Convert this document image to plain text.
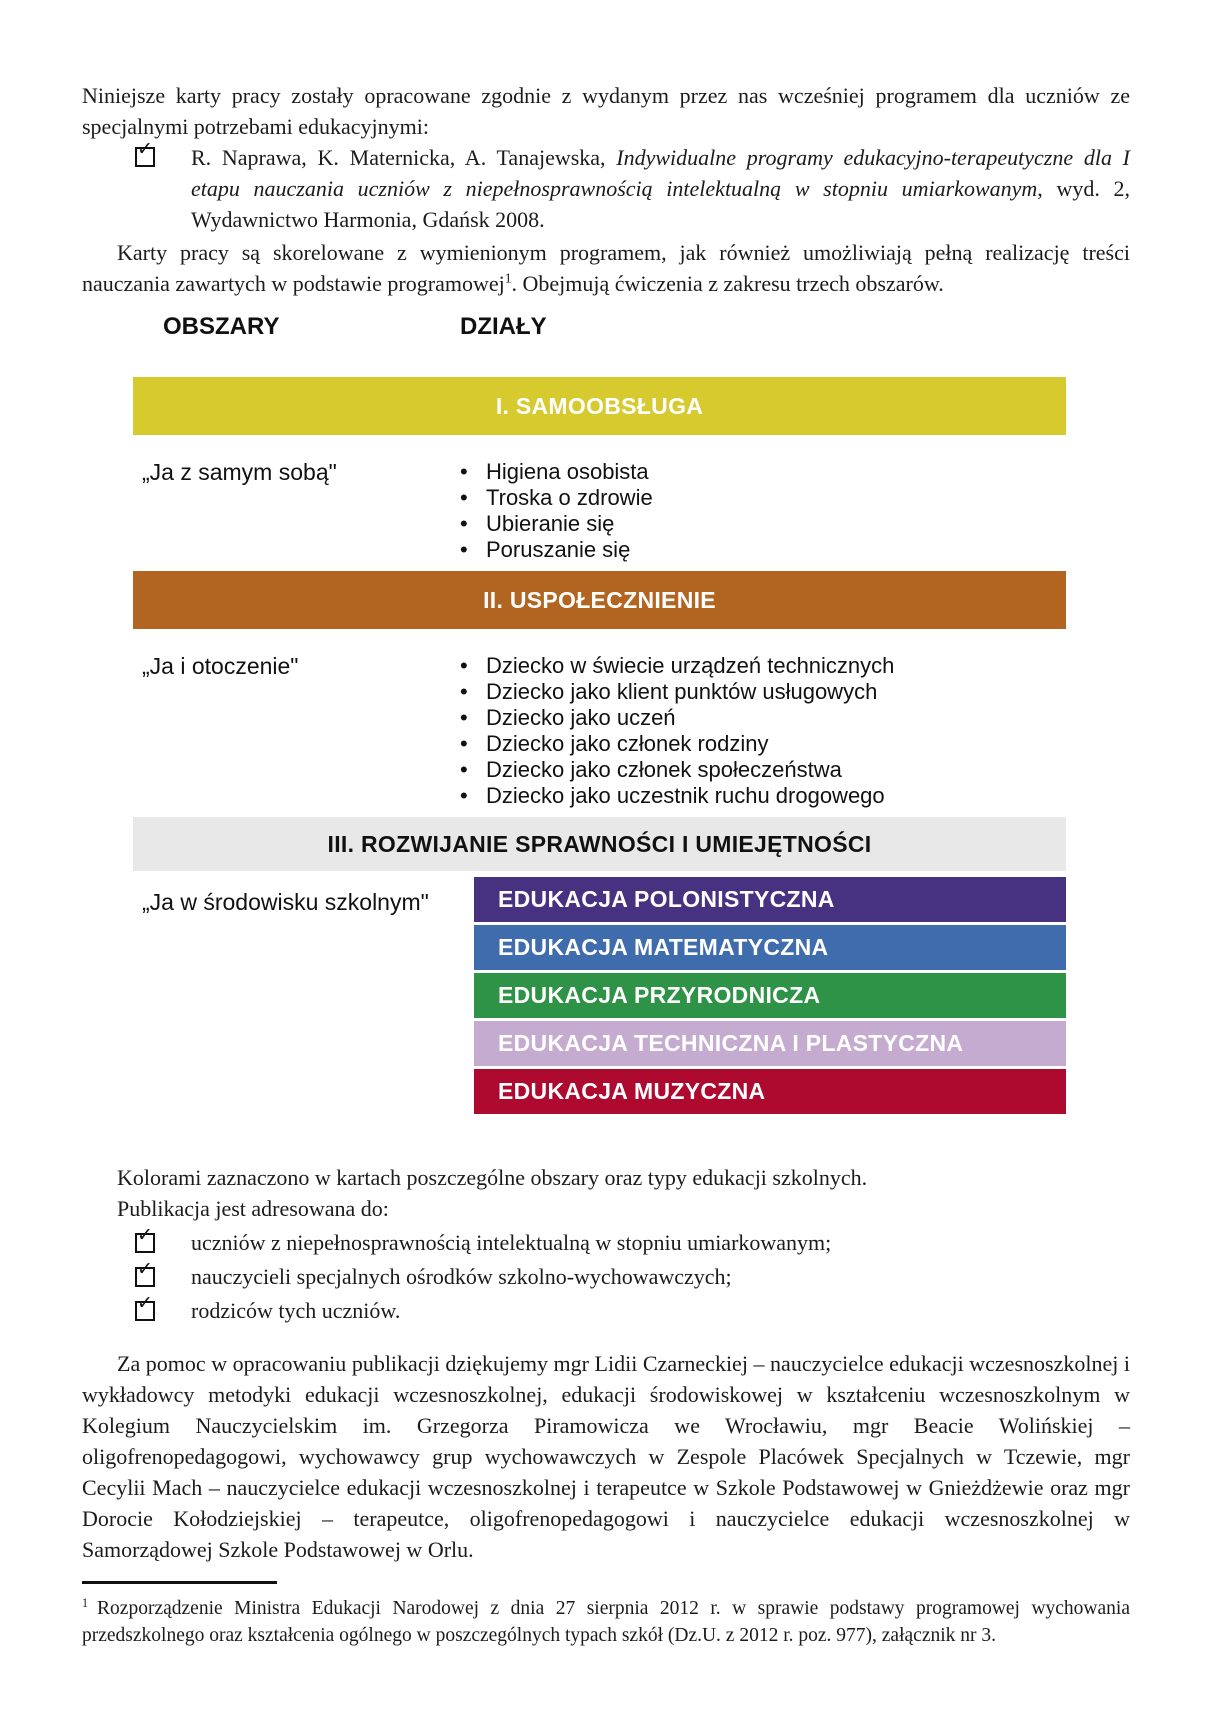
Niniejsze karty pracy zostały opracowane zgodnie z wydanym przez nas wcześniej programem dla uczniów ze specjalnymi potrzebami edukacyjnymi:

✓ R. Naprawa, K. Maternicka, A. Tanajewska, Indywidualne programy edukacyjno-terapeutyczne dla I etapu nauczania uczniów z niepełnosprawnością intelektualną w stopniu umiarkowanym, wyd. 2, Wydawnictwo Harmonia, Gdańsk 2008.

Karty pracy są skorelowane z wymienionym programem, jak również umożliwiają pełną realizację treści nauczania zawartych w podstawie programowej$^1$. Obejmują ćwiczenia z zakresu trzech obszarów.

OBSZARY	DZIAŁY
I. SAMOOBSŁUGA
„Ja z samym sobą"	• Higiena osobista
• Troska o zdrowie
• Ubieranie się
• Poruszanie się
II. USPOŁECZNIENIE
„Ja i otoczenie"	• Dziecko w świecie urządzeń technicznych
• Dziecko jako klient punktów usługowych
• Dziecko jako uczeń
• Dziecko jako członek rodziny
• Dziecko jako członek społeczeństwa
• Dziecko jako uczestnik ruchu drogowego
III. ROZWIJANIE SPRAWNOŚCI I UMIEJĘTNOŚCI
„Ja w środowisku szkolnym"	EDUKACJA POLONISTYCZNA
EDUKACJA MATEMATYCZNA
EDUKACJA PRZYRODNICZA
EDUKACJA TECHNICZNA I PLASTYCZNA
EDUKACJA MUZYCZNA

Kolorami zaznaczono w kartach poszczególne obszary oraz typy edukacji szkolnych.

Publikacja jest adresowana do:

✓ uczniów z niepełnosprawnością intelektualną w stopniu umiarkowanym;

✓ nauczycieli specjalnych ośrodków szkolno-wychowawczych;

✓ rodziców tych uczniów.

Za pomoc w opracowaniu publikacji dziękujemy mgr Lidii Czarneckiej – nauczycielce edukacji wczesnoszkolnej i wykładowcy metodyki edukacji wczesnoszkolnej, edukacji środowiskowej w kształceniu wczesnoszkolnym w Kolegium Nauczycielskim im. Grzegorza Piramowicza we Wrocławiu, mgr Beacie Wolińskiej – oligofrenopedagogowi, wychowawcy grup wychowawczych w Zespole Placówek Specjalnych w Tczewie, mgr Cecylii Mach – nauczycielce edukacji wczesnoszkolnej i terapeutce w Szkole Podstawowej w Gnieżdżewie oraz mgr Dorocie Kołodziejskiej – terapeutce, oligofrenopedagogowi i nauczycielce edukacji wczesnoszkolnej w Samorządowej Szkole Podstawowej w Orlu.

$^1$ Rozporządzenie Ministra Edukacji Narodowej z dnia 27 sierpnia 2012 r. w sprawie podstawy programowej wychowania przedszkolnego oraz kształcenia ogólnego w poszczególnych typach szkół (Dz.U. z 2012 r. poz. 977), załącznik nr 3.
